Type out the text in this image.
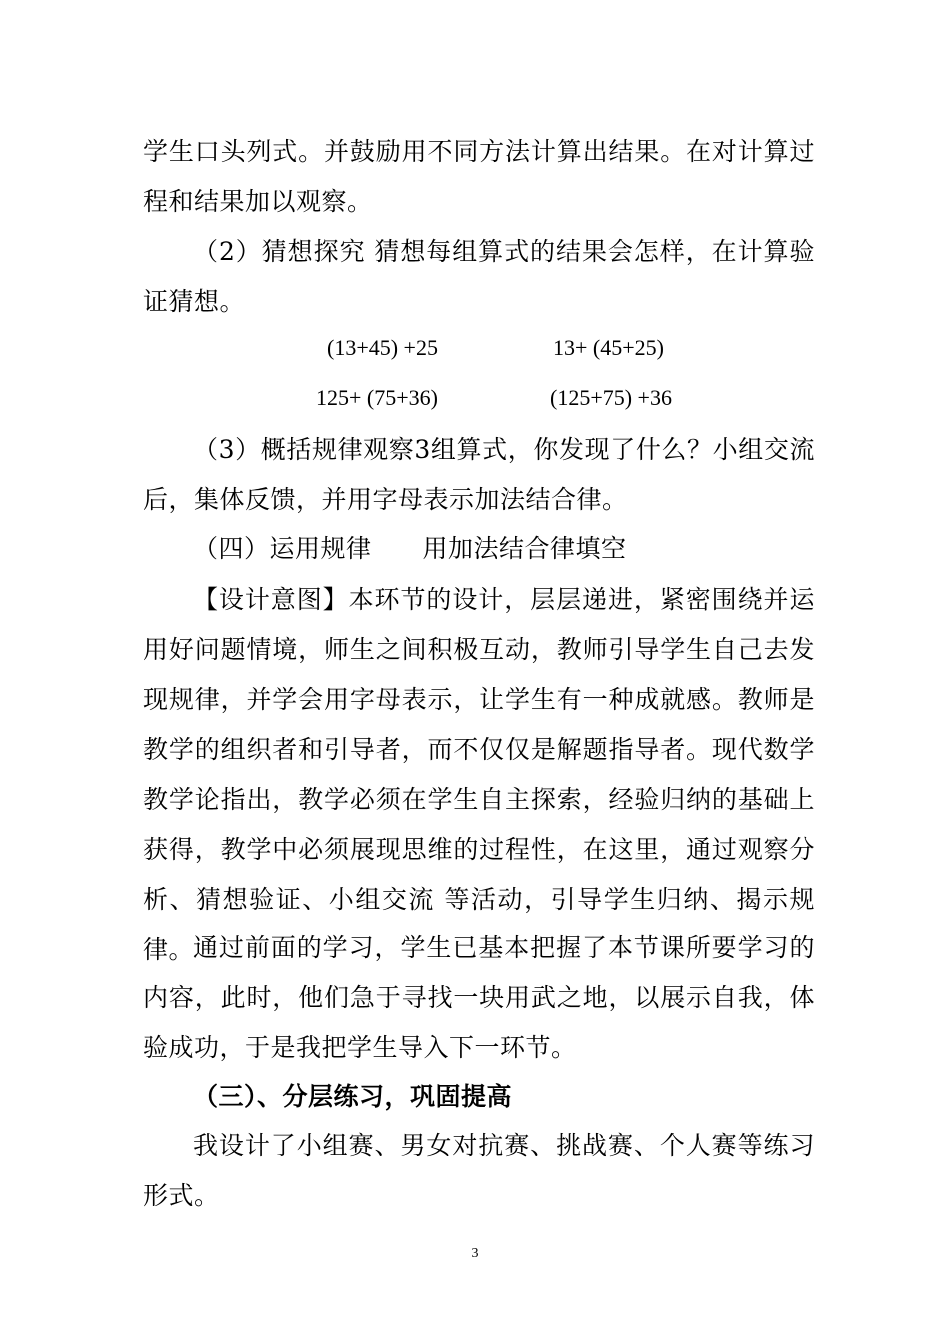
学生口头列式。并鼓励用不同方法计算出结果。在对计算过程和结果加以观察。

（2）猜想探究 猜想每组算式的结果会怎样，在计算验证猜想。

(13+45) +25	13+ (45+25)
125+ (75+36)	(125+75) +36

（3）概括规律观察3组算式，你发现了什么？小组交流后，集体反馈，并用字母表示加法结合律。

（四）运用规律　　用加法结合律填空

【设计意图】本环节的设计，层层递进，紧密围绕并运用好问题情境，师生之间积极互动，教师引导学生自己去发现规律，并学会用字母表示，让学生有一种成就感。教师是教学的组织者和引导者，而不仅仅是解题指导者。现代数学教学论指出，教学必须在学生自主探索，经验归纳的基础上获得，教学中必须展现思维的过程性，在这里，通过观察分析、猜想验证、小组交流 等活动，引导学生归纳、揭示规律。

通过前面的学习，学生已基本把握了本节课所要学习的内容，此时，他们急于寻找一块用武之地，以展示自我，体验成功，于是我把学生导入下一环节。

（三）、分层练习，巩固提高

我设计了小组赛、男女对抗赛、挑战赛、个人赛等练习形式。

3
